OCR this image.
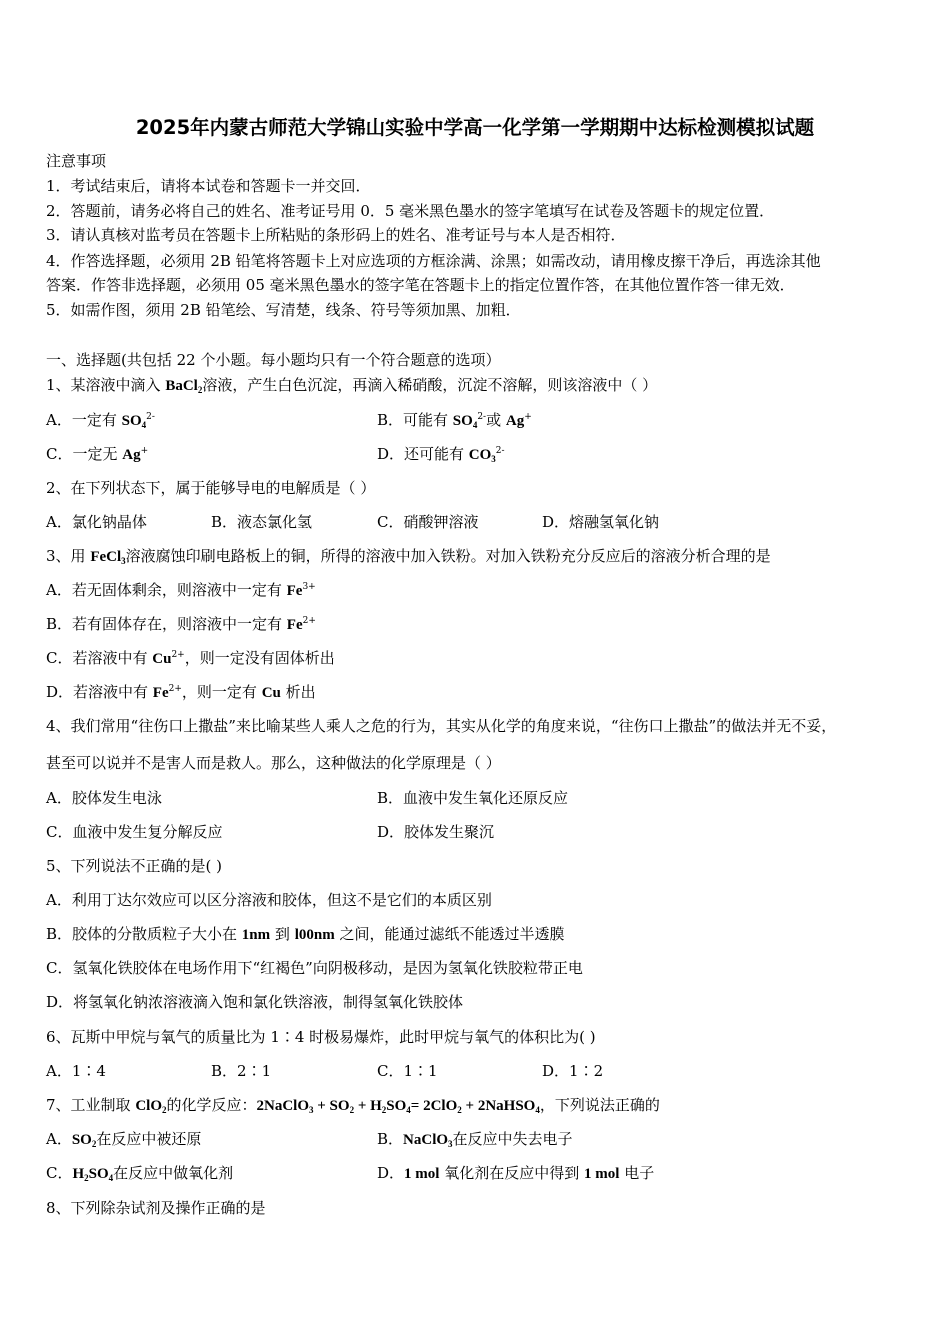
2025年内蒙古师范大学锦山实验中学高一化学第一学期期中达标检测模拟试题
注意事项
1．考试结束后，请将本试卷和答题卡一并交回．
2．答题前，请务必将自己的姓名、准考证号用 0．5 毫米黑色墨水的签字笔填写在试卷及答题卡的规定位置．
3．请认真核对监考员在答题卡上所粘贴的条形码上的姓名、准考证号与本人是否相符．
4．作答选择题，必须用 2B 铅笔将答题卡上对应选项的方框涂满、涂黑；如需改动，请用橡皮擦干净后，再选涂其他
答案．作答非选择题，必须用 05 毫米黑色墨水的签字笔在答题卡上的指定位置作答，在其他位置作答一律无效．
5．如需作图，须用 2B 铅笔绘、写清楚，线条、符号等须加黑、加粗．
一、选择题(共包括 22 个小题。每小题均只有一个符合题意的选项）
1、某溶液中滴入 BaCl$_2$溶液，产生白色沉淀，再滴入稀硝酸，沉淀不溶解，则该溶液中（ ）
A．一定有 $SO_4^{2-}$	B．可能有 $SO_4^{2-}$或 Ag+
C．一定无 Ag+	D．还可能有 $CO_3^{2-}$
2、在下列状态下，属于能够导电的电解质是（ ）
A．氯化钠晶体	B．液态氯化氢	C．硝酸钾溶液	D．熔融氢氧化钠
3、用 FeCl$_3$溶液腐蚀印刷电路板上的铜，所得的溶液中加入铁粉。对加入铁粉充分反应后的溶液分析合理的是
A．若无固体剩余，则溶液中一定有 $Fe^{3+}$
B．若有固体存在，则溶液中一定有 $Fe^{2+}$
C．若溶液中有 $Cu^{2+}$，则一定没有固体析出
D．若溶液中有 $Fe^{2+}$，则一定有 Cu 析出
4、我们常用“往伤口上撒盐”来比喻某些人乘人之危的行为，其实从化学的角度来说，“往伤口上撒盐”的做法并无不妥，
甚至可以说并不是害人而是救人。那么，这种做法的化学原理是（ ）
A．胶体发生电泳	B．血液中发生氧化还原反应
C．血液中发生复分解反应	D．胶体发生聚沉
5、下列说法不正确的是( )
A．利用丁达尔效应可以区分溶液和胶体，但这不是它们的本质区别
B．胶体的分散质粒子大小在 1nm 到 l00nm 之间，能通过滤纸不能透过半透膜
C．氢氧化铁胶体在电场作用下“红褐色”向阴极移动，是因为氢氧化铁胶粒带正电
D．将氢氧化钠浓溶液滴入饱和氯化铁溶液，制得氢氧化铁胶体
6、瓦斯中甲烷与氧气的质量比为 1∶4 时极易爆炸，此时甲烷与氧气的体积比为( )
A．1∶4	B．2∶1	C．1∶1	D．1∶2
7、工业制取 ClO$_2$的化学反应：2NaClO$_3$ + $SO_2 + H_2SO_4= 2ClO_2$ + 2NaHSO$_4$，下列说法正确的
A．$SO_2$在反应中被还原	B．NaClO$_3$在反应中失去电子
C．$H_2SO_4$在反应中做氧化剂	D．1 mol 氧化剂在反应中得到 1 mol 电子
8、下列除杂试剂及操作正确的是
